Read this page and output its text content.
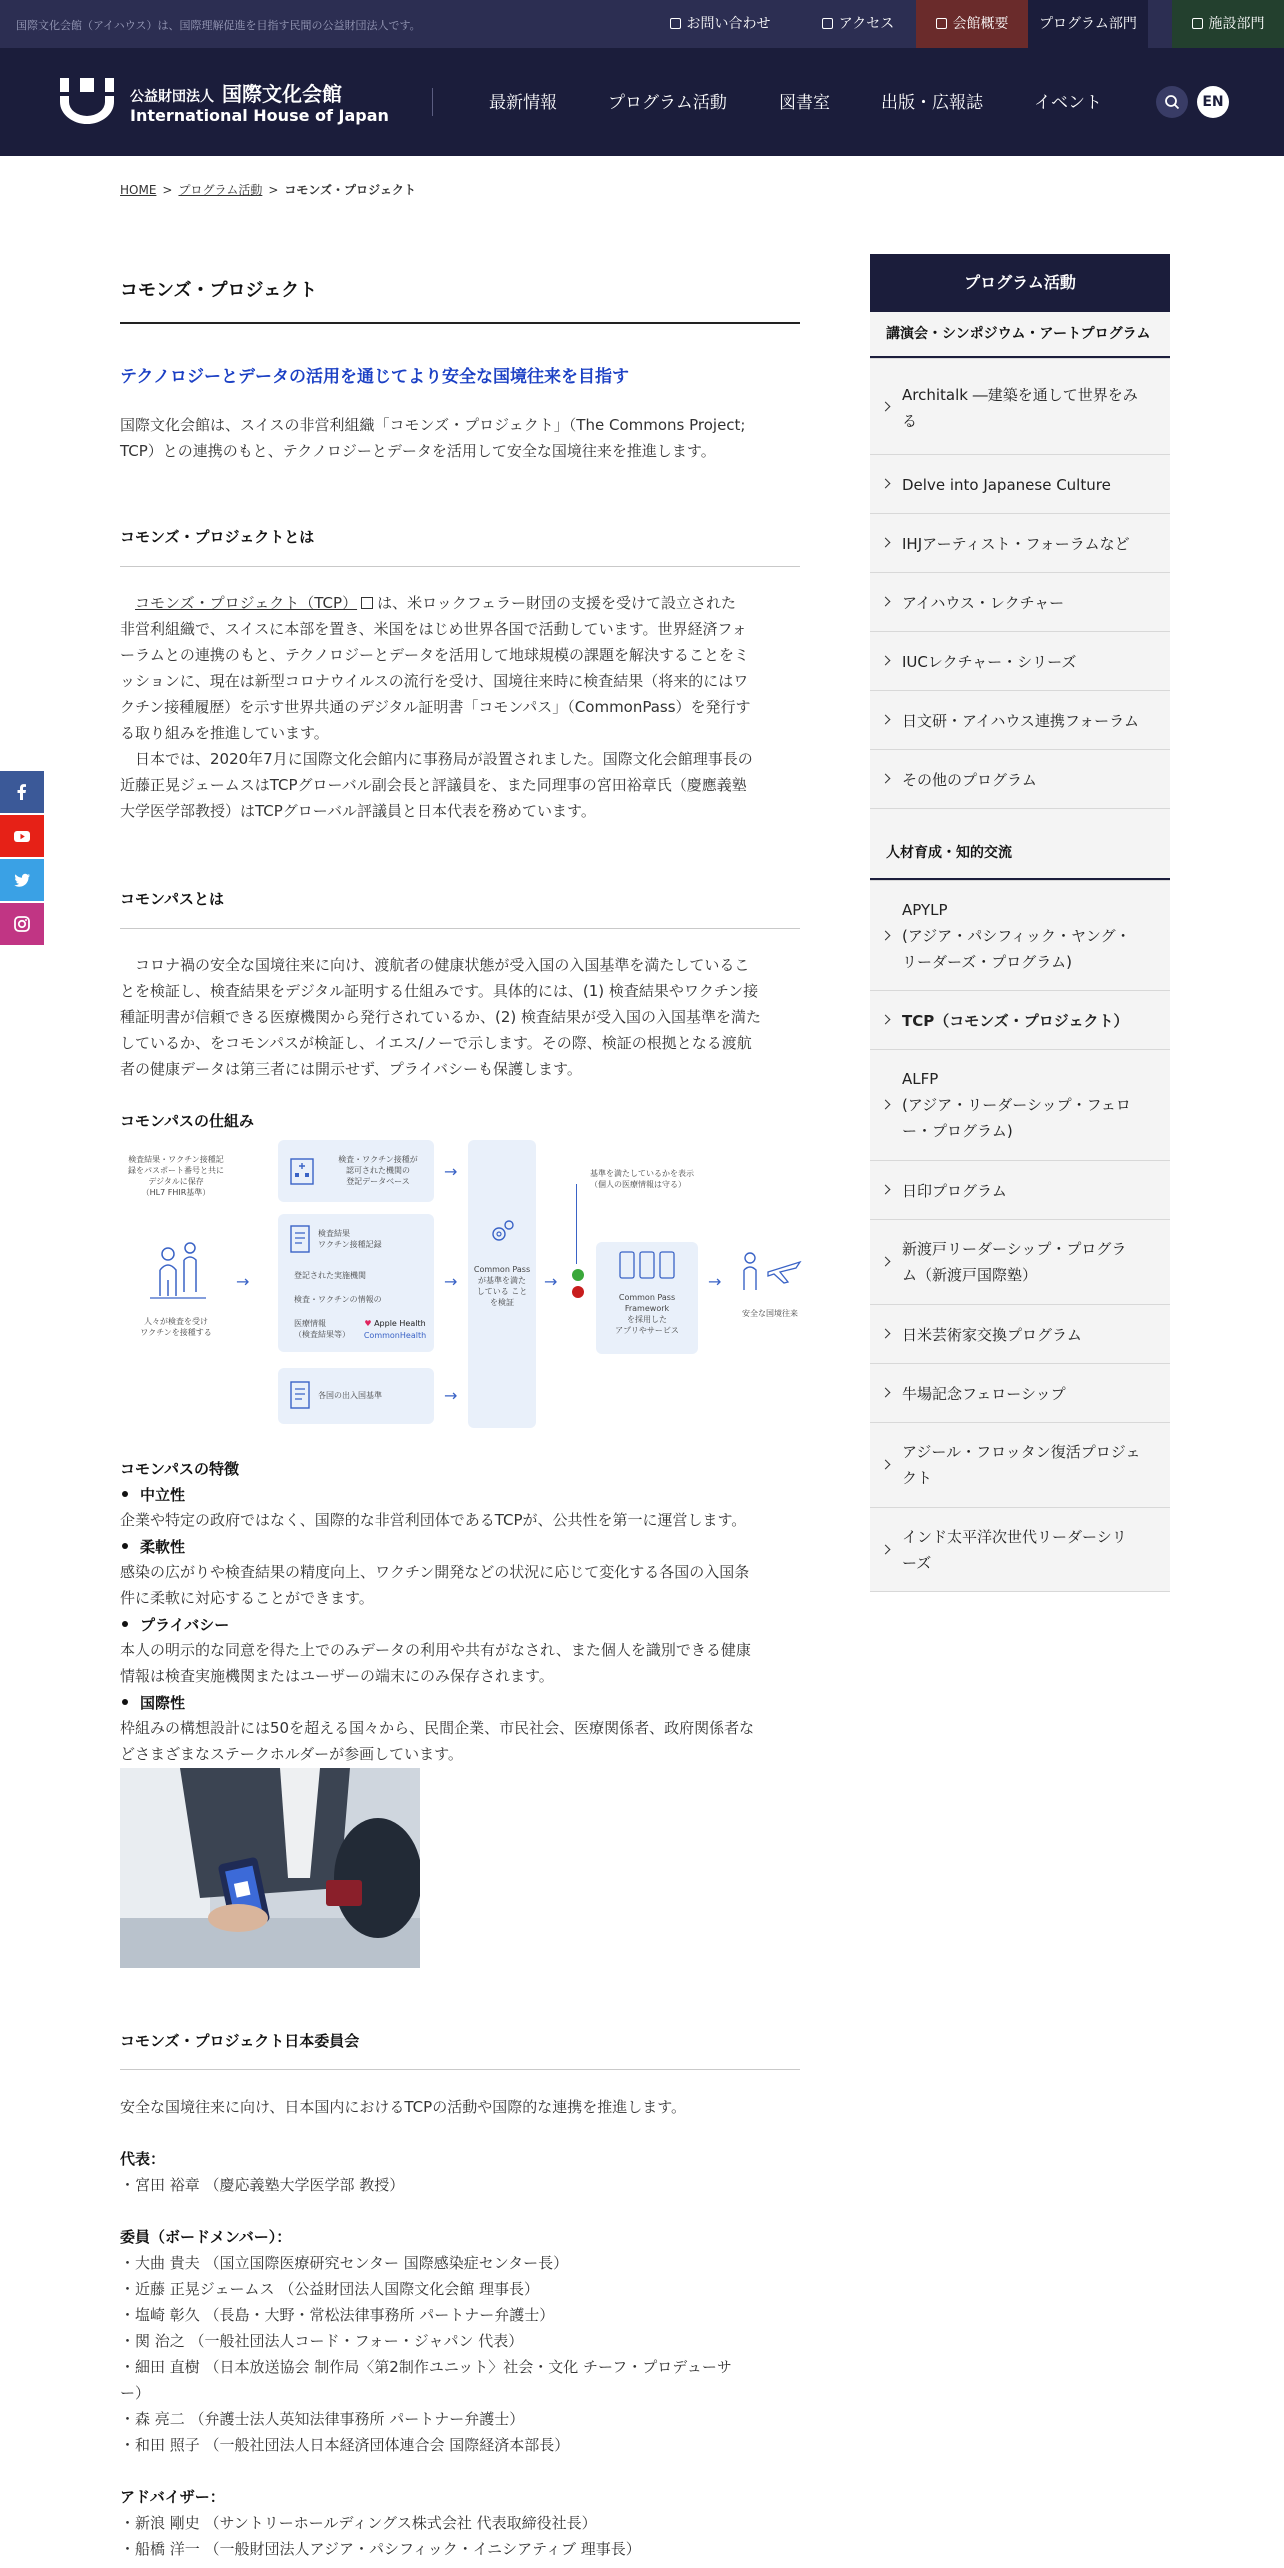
国際文化会館（アイハウス）は、国際理解促進を目指す民間の公益財団法人です。	お問い合わせ	アクセス	会館概要	プログラム部門	施設部門
公益財団法人 国際文化会館
International House of Japan
最新情報	プログラム活動	図書室	出版・広報誌	イベント	EN
HOME > プログラム活動 > コモンズ・プロジェクト
コモンズ・プロジェクト
テクノロジーとデータの活用を通じてより安全な国境往来を目指す
国際文化会館は、スイスの非営利組織「コモンズ・プロジェクト」（The Commons Project;
TCP）との連携のもと、テクノロジーとデータを活用して安全な国境往来を推進します。
コモンズ・プロジェクトとは
　コモンズ・プロジェクト（TCP） は、米ロックフェラー財団の支援を受けて設立された
非営利組織で、スイスに本部を置き、米国をはじめ世界各国で活動しています。世界経済フォ
ーラムとの連携のもと、テクノロジーとデータを活用して地球規模の課題を解決することをミ
ッションに、現在は新型コロナウイルスの流行を受け、国境往来時に検査結果（将来的にはワ
クチン接種履歴）を示す世界共通のデジタル証明書「コモンパス」（CommonPass）を発行す
る取り組みを推進しています。
　日本では、2020年7月に国際文化会館内に事務局が設置されました。国際文化会館理事長の
近藤正晃ジェームスはTCPグローバル副会長と評議員を、また同理事の宮田裕章氏（慶應義塾
大学医学部教授）はTCPグローバル評議員と日本代表を務めています。
コモンパスとは
　コロナ禍の安全な国境往来に向け、渡航者の健康状態が受入国の入国基準を満たしているこ
とを検証し、検査結果をデジタル証明する仕組みです。具体的には、(1) 検査結果やワクチン接
種証明書が信頼できる医療機関から発行されているか、(2) 検査結果が受入国の入国基準を満た
しているか、をコモンパスが検証し、イエス/ノーで示します。その際、検証の根拠となる渡航
者の健康データは第三者には開示せず、プライバシーも保護します。
コモンパスの仕組み
検査結果・ワクチン接種記
録をパスポート番号と共に
デジタルに保存
（HL7 FHIR基準）
人々が検査を受け
ワクチンを接種する
→
検査・ワクチン接種が
認可された機関の
登記データベース
→
検査結果
ワクチン接種記録
登記された実施機関
検査・ワクチンの情報の
医療情報
（検査結果等）
♥ Apple Health
CommonHealth
→
各国の出入国基準	→
Common Pass
が基準を満た
している こと
を検証
→
基準を満たしているかを表示
（個人の医療情報は守る）
Common Pass
Framework
を採用した
アプリやサービス
→
安全な国境往来
コモンパスの特徴
中立性
企業や特定の政府ではなく、国際的な非営利団体であるTCPが、公共性を第一に運営します。
柔軟性
感染の広がりや検査結果の精度向上、ワクチン開発などの状況に応じて変化する各国の入国条
件に柔軟に対応することができます。
プライバシー
本人の明示的な同意を得た上でのみデータの利用や共有がなされ、また個人を識別できる健康
情報は検査実施機関またはユーザーの端末にのみ保存されます。
国際性
枠組みの構想設計には50を超える国々から、民間企業、市民社会、医療関係者、政府関係者な
どさまざまなステークホルダーが参画しています。
コモンズ・プロジェクト日本委員会
安全な国境往来に向け、日本国内におけるTCPの活動や国際的な連携を推進します。
代表：
・宮田 裕章 （慶応義塾大学医学部 教授）
委員（ボードメンバー）：
・大曲 貴夫 （国立国際医療研究センター 国際感染症センター長）
・近藤 正晃ジェームス （公益財団法人国際文化会館 理事長）
・塩崎 彰久 （長島・大野・常松法律事務所 パートナー弁護士）
・関 治之 （一般社団法人コード・フォー・ジャパン 代表）
・細田 直樹 （日本放送協会 制作局〈第2制作ユニット〉社会・文化 チーフ・プロデューサ
ー）
・森 亮二 （弁護士法人英知法律事務所 パートナー弁護士）
・和田 照子 （一般社団法人日本経済団体連合会 国際経済本部長）
アドバイザー：
・新浪 剛史 （サントリーホールディングス株式会社 代表取締役社長）
・船橋 洋一 （一般財団法人アジア・パシフィック・イニシアティブ 理事長）
プログラム活動
講演会・シンポジウム・アートプログラム
Architalk ―建築を通して世界をみ
る
Delve into Japanese Culture
IHJアーティスト・フォーラムなど
アイハウス・レクチャー
IUCレクチャー・シリーズ
日文研・アイハウス連携フォーラム
その他のプログラム
人材育成・知的交流
APYLP
(アジア・パシフィック・ヤング・
リーダーズ・プログラム)
TCP（コモンズ・プロジェクト）
ALFP
(アジア・リーダーシップ・フェロ
ー・プログラム)
日印プログラム
新渡戸リーダーシップ・プログラ
ム（新渡戸国際塾）
日米芸術家交換プログラム
牛場記念フェローシップ
アジール・フロッタン復活プロジェ
クト
インド太平洋次世代リーダーシリ
ーズ
